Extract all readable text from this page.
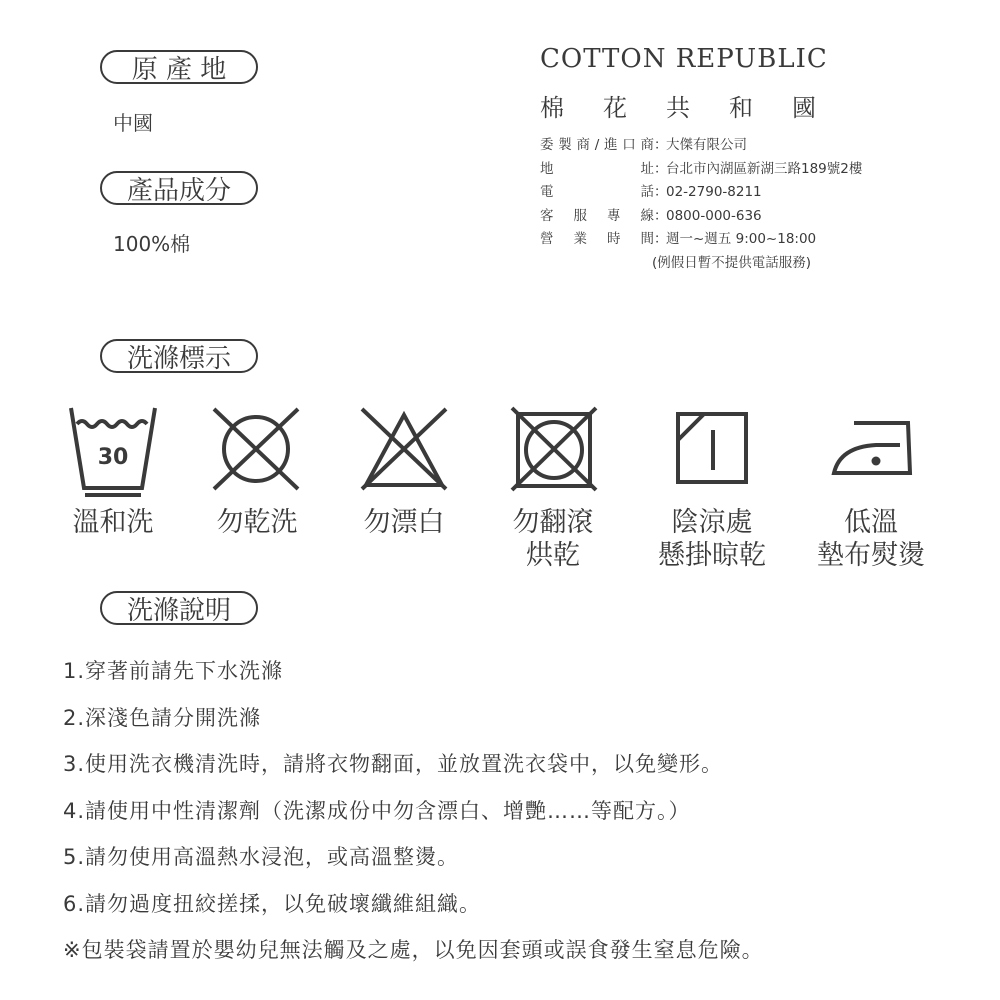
原 產 地
中國
產品成分
100%棉
COTTON REPUBLIC
棉 花 共 和 國
委 製 商 / 進 口 商 ：
大傑有限公司
地	址 ：
台北市內湖區新湖三路189號2樓
電	話 ：
02-2790-8211
客 服 專 線 ：
0800-000-636
營 業 時 間 ：
週一~週五 9:00~18:00
(例假日暫不提供電話服務)
洗滌標示
30
溫和洗 勿乾洗 勿漂白	勿翻滾
烘乾
陰涼處
懸掛晾乾
低溫
墊布熨燙
洗滌說明
1.穿著前請先下水洗滌
2.深淺色請分開洗滌
3.使用洗衣機清洗時，請將衣物翻面，並放置洗衣袋中，以免變形。
4.請使用中性清潔劑（洗潔成份中勿含漂白、增艷……等配方。）
5.請勿使用高溫熱水浸泡，或高溫整燙。
6.請勿過度扭絞搓揉，以免破壞纖維組織。
※包裝袋請置於嬰幼兒無法觸及之處，以免因套頭或誤食發生窒息危險。
